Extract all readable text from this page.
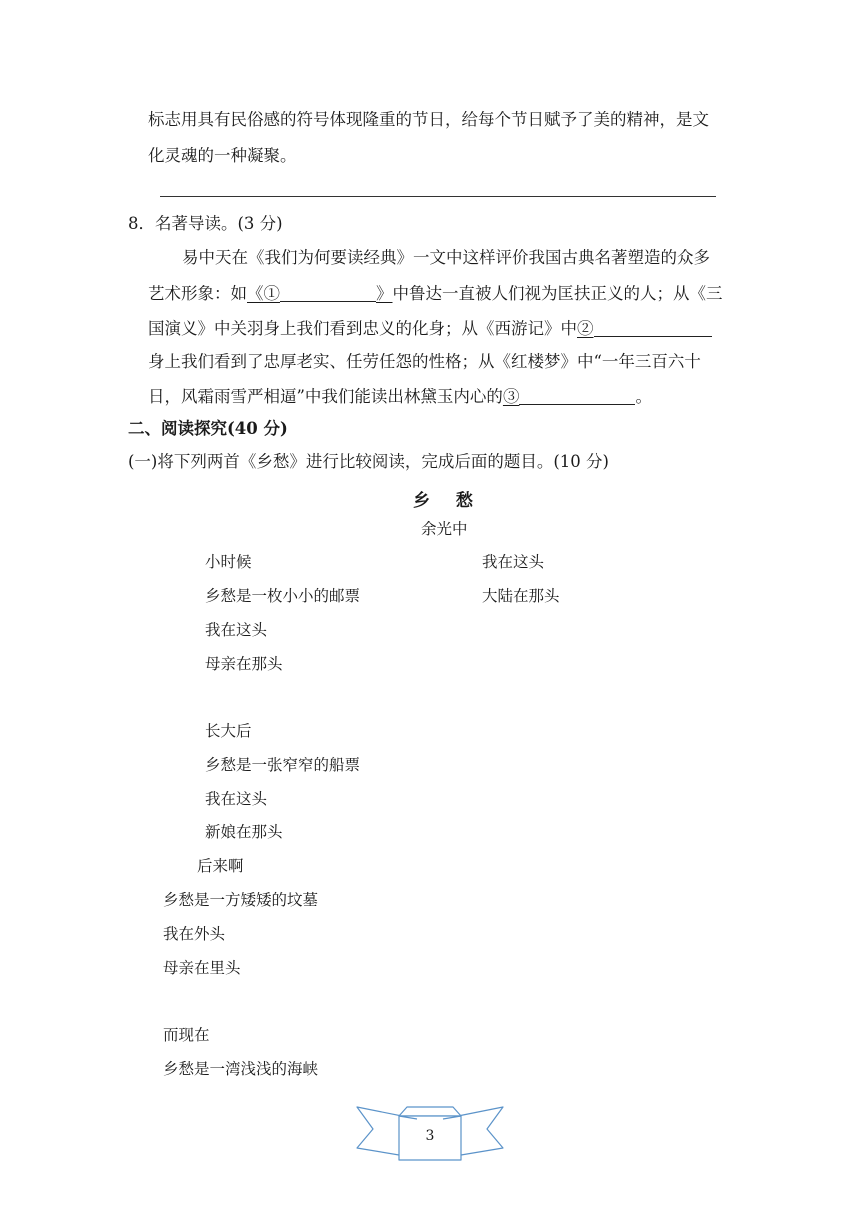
标志用具有民俗感的符号体现隆重的节日，给每个节日赋予了美的精神，是文
化灵魂的一种凝聚。
8．名著导读。(3 分)
易中天在《我们为何要读经典》一文中这样评价我国古典名著塑造的众多
艺术形象：如《①	》中鲁达一直被人们视为匡扶正义的人；从《三
国演义》中关羽身上我们看到忠义的化身；从《西游记》中②
身上我们看到了忠厚老实、任劳任怨的性格；从《红楼梦》中“一年三百六十
日，风霜雨雪严相逼”中我们能读出林黛玉内心的③	。
二、阅读探究(40 分)
(一)将下列两首《乡愁》进行比较阅读，完成后面的题目。(10 分)
乡 愁
余光中
小时候
乡愁是一枚小小的邮票
我在这头
母亲在那头
长大后
乡愁是一张窄窄的船票
我在这头
新娘在那头
后来啊
乡愁是一方矮矮的坟墓
我在外头
母亲在里头
而现在
乡愁是一湾浅浅的海峡
我在这头
大陆在那头
3
